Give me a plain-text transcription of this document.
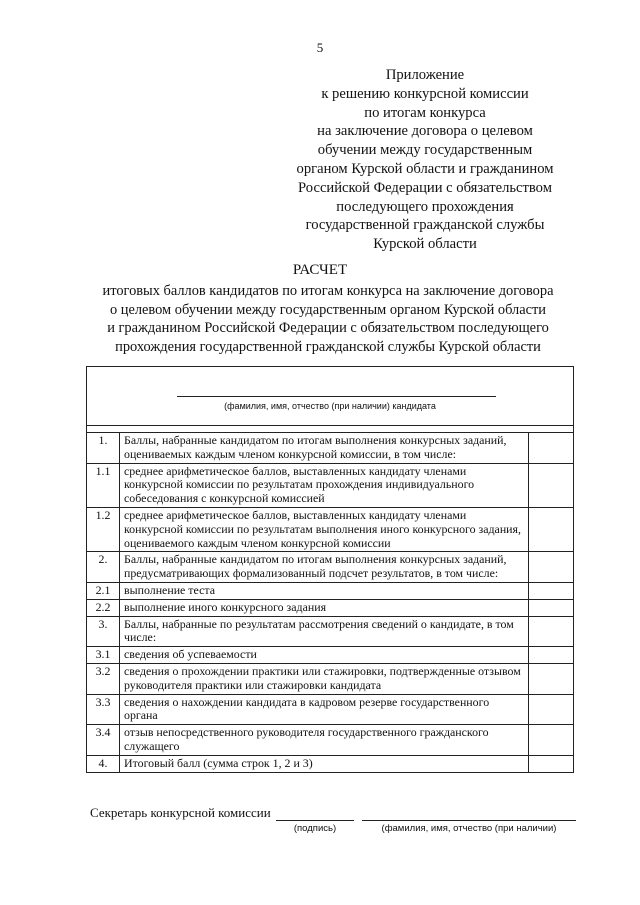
5
Приложение
к решению конкурсной комиссии
по итогам конкурса
на заключение договора о целевом
обучении между государственным
органом Курской области и гражданином
Российской Федерации с обязательством
последующего прохождения
государственной гражданской службы
Курской области
РАСЧЕТ
итоговых баллов кандидатов по итогам конкурса на заключение договора
о целевом обучении между государственным органом Курской области
и гражданином Российской Федерации с обязательством последующего
прохождения государственной гражданской службы Курской области
(фамилия, имя, отчество (при наличии) кандидата		

1.	Баллы, набранные кандидатом по итогам выполнения конкурсных заданий, оцениваемых каждым членом конкурсной комиссии, в том числе:	
1.1	среднее арифметическое баллов, выставленных кандидату членами конкурсной комиссии по результатам прохождения индивидуального собеседования с конкурсной комиссией	
1.2	среднее арифметическое баллов, выставленных кандидату членами конкурсной комиссии по результатам выполнения иного конкурсного задания, оцениваемого каждым членом конкурсной комиссии	
2.	Баллы, набранные кандидатом по итогам выполнения конкурсных заданий, предусматривающих формализованный подсчет результатов, в том числе:	
2.1	выполнение теста	
2.2	выполнение иного конкурсного задания	
3.	Баллы, набранные по результатам рассмотрения сведений о кандидате, в том числе:	
3.1	сведения об успеваемости	
3.2	сведения о прохождении практики или стажировки, подтвержденные отзывом руководителя практики или стажировки кандидата	
3.3	сведения о нахождении кандидата в кадровом резерве государственного органа	
3.4	отзыв непосредственного руководителя государственного гражданского служащего	
4.	Итоговый балл (сумма строк 1, 2 и 3)	
Секретарь конкурсной комиссии
(подпись)	(фамилия, имя, отчество (при наличии)
